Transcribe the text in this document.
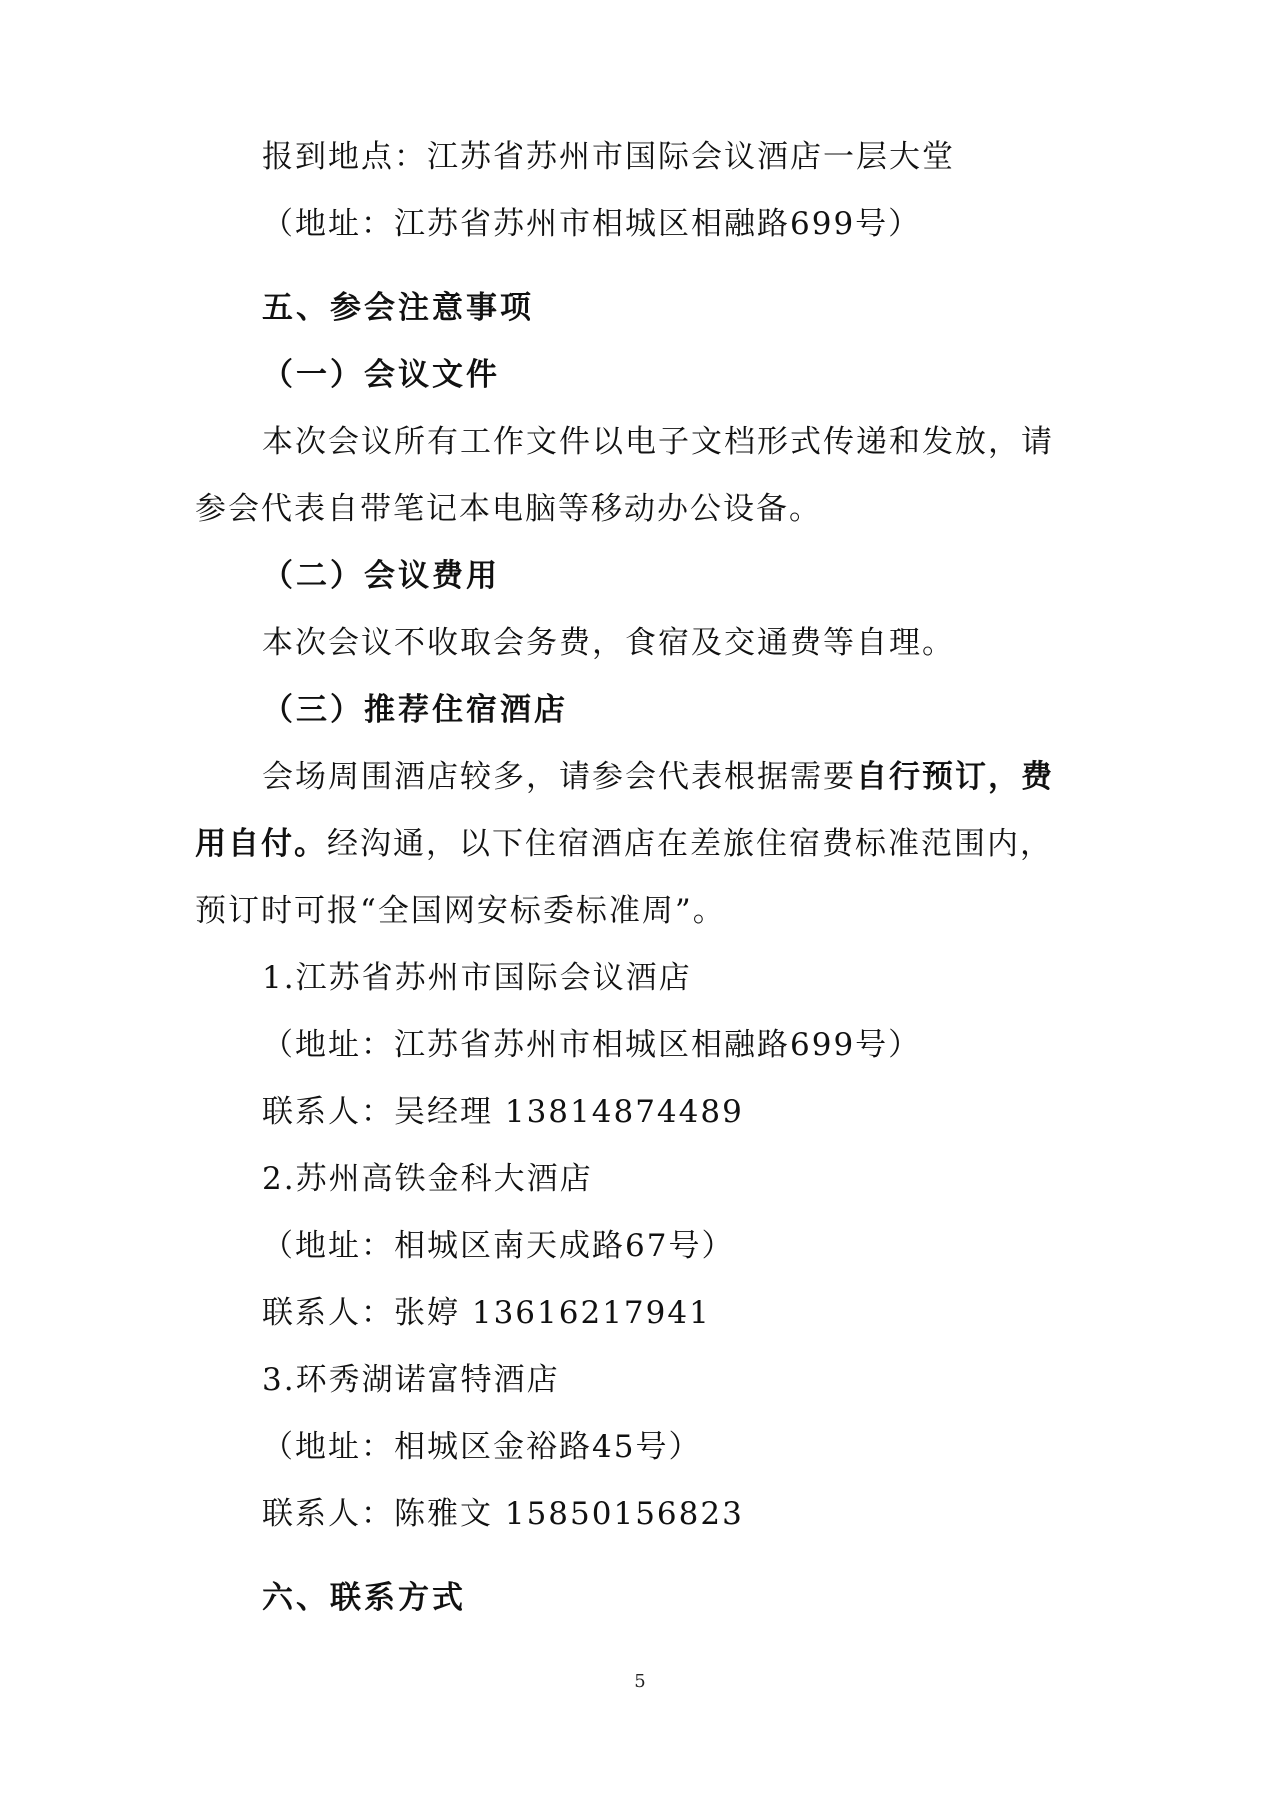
报到地点：江苏省苏州市国际会议酒店一层大堂
（地址：江苏省苏州市相城区相融路699号）
五、参会注意事项
（一）会议文件
本次会议所有工作文件以电子文档形式传递和发放，请
参会代表自带笔记本电脑等移动办公设备。
（二）会议费用
本次会议不收取会务费，食宿及交通费等自理。
（三）推荐住宿酒店
会场周围酒店较多，请参会代表根据需要自行预订，费
用自付。经沟通，以下住宿酒店在差旅住宿费标准范围内，
预订时可报“全国网安标委标准周”。
1.江苏省苏州市国际会议酒店
（地址：江苏省苏州市相城区相融路699号）
联系人：吴经理 13814874489
2.苏州高铁金科大酒店
（地址：相城区南天成路67号）
联系人：张婷 13616217941
3.环秀湖诺富特酒店
（地址：相城区金裕路45号）
联系人：陈雅文 15850156823
六、联系方式
5
